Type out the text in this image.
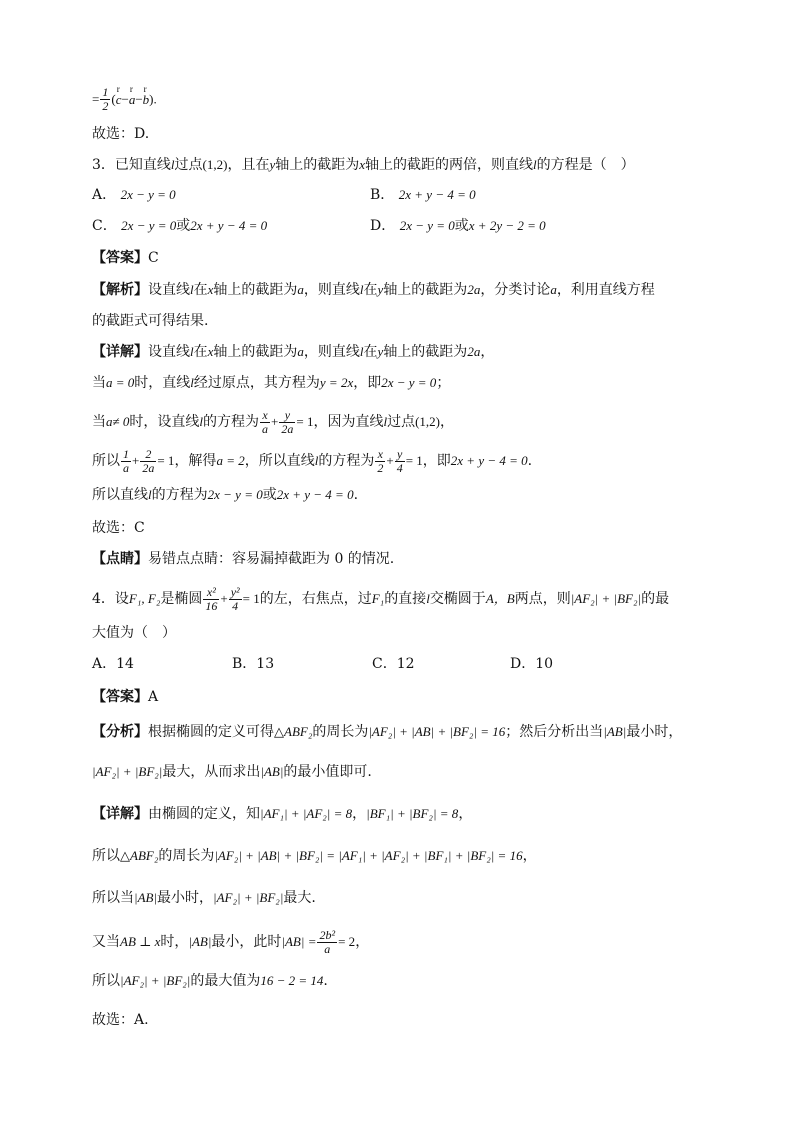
= $\frac{1}{2}$ (
r
c−
r
a−
r
b).
故选：D.
3．已知直线l过点(1,2)，且在y轴上的截距为x轴上的截距的两倍，则直线l的方程是（　）
A． 2x − y = 0	B． 2x + y − 4 = 0
C． 2x − y = 0或2x + y − 4 = 0	D． 2x − y = 0或x + 2y − 2 = 0
【答案】C
【解析】设直线l在x轴上的截距为a，则直线l在y轴上的截距为2a，分类讨论a，利用直线方程
的截距式可得结果.
【详解】设直线l在x轴上的截距为a，则直线l在y轴上的截距为2a，
当a = 0时，直线l经过原点，其方程为y = 2x，即2x − y = 0；
当a≠ 0时，设直线l的方程为 $\frac{x}{a} + \frac{y}{2a} = 1$，因为直线l过点(1,2)，
所以 $\frac{1}{a} + \frac{2}{2a} = 1$，解得a = 2，所以直线l的方程为 $\frac{x}{2} + \frac{y}{4} = 1$，即2x + y − 4 = 0.
所以直线l的方程为2x − y = 0或2x + y − 4 = 0.
故选：C
【点睛】易错点点睛：容易漏掉截距为 0 的情况.
4．设F₁, F₂是椭圆 $\frac{\text{x²}}{16} + \frac{\text{y²}}{4} = 1$的左，右焦点，过F₁的直接l交椭圆于A，B两点，则|AF₂| + |BF₂|的最
大值为（　）
A．14	B．13	C．12	D．10
【答案】A
【分析】根据椭圆的定义可得△ABF₂的周长为|AF₂| + |AB| + |BF₂| = 16；然后分析出当|AB|最小时，
|AF₂| + |BF₂|最大，从而求出|AB|的最小值即可.
【详解】由椭圆的定义，知|AF₁| + |AF₂| = 8，|BF₁| + |BF₂| = 8，
所以△ABF₂的周长为|AF₂| + |AB| + |BF₂| = |AF₁| + |AF₂| + |BF₁| + |BF₂| = 16，
所以当|AB|最小时，|AF₂| + |BF₂|最大.
又当AB ⊥ x时，|AB|最小，此时$|AB| = \frac{\text{2b²}}{a} = 2$，
所以|AF₂| + |BF₂|的最大值为16 − 2 = 14.
故选：A.
